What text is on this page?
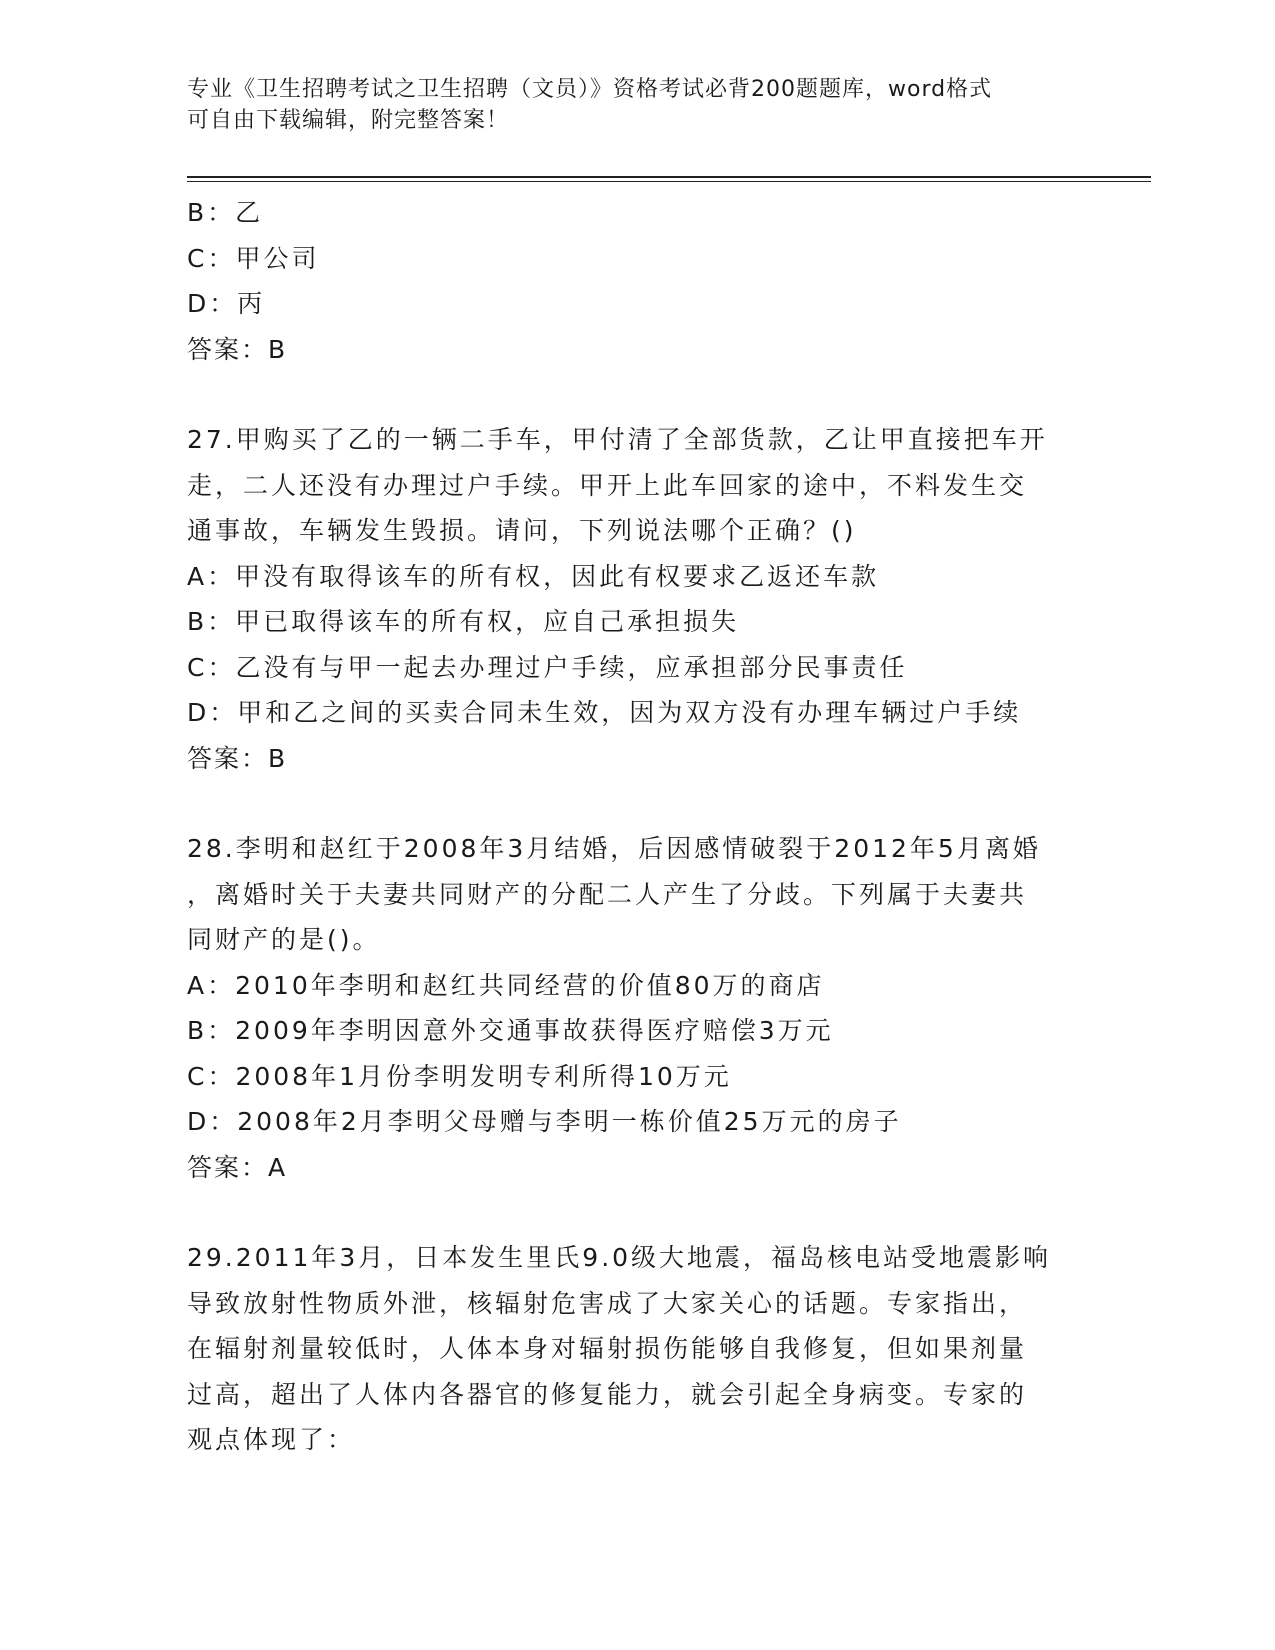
专业《卫生招聘考试之卫生招聘（文员）》资格考试必背200题题库，word格式
可自由下载编辑，附完整答案！
B：乙
C：甲公司
D：丙
答案：B
27.甲购买了乙的一辆二手车，甲付清了全部货款，乙让甲直接把车开
走，二人还没有办理过户手续。甲开上此车回家的途中，不料发生交
通事故，车辆发生毁损。请问，下列说法哪个正确？()
A：甲没有取得该车的所有权，因此有权要求乙返还车款
B：甲已取得该车的所有权，应自己承担损失
C：乙没有与甲一起去办理过户手续，应承担部分民事责任
D：甲和乙之间的买卖合同未生效，因为双方没有办理车辆过户手续
答案：B
28.李明和赵红于2008年3月结婚，后因感情破裂于2012年5月离婚
，离婚时关于夫妻共同财产的分配二人产生了分歧。下列属于夫妻共
同财产的是()。
A：2010年李明和赵红共同经营的价值80万的商店
B：2009年李明因意外交通事故获得医疗赔偿3万元
C：2008年1月份李明发明专利所得10万元
D：2008年2月李明父母赠与李明一栋价值25万元的房子
答案：A
29.2011年3月，日本发生里氏9.0级大地震，福岛核电站受地震影响
导致放射性物质外泄，核辐射危害成了大家关心的话题。专家指出，
在辐射剂量较低时，人体本身对辐射损伤能够自我修复，但如果剂量
过高，超出了人体内各器官的修复能力，就会引起全身病变。专家的
观点体现了：
